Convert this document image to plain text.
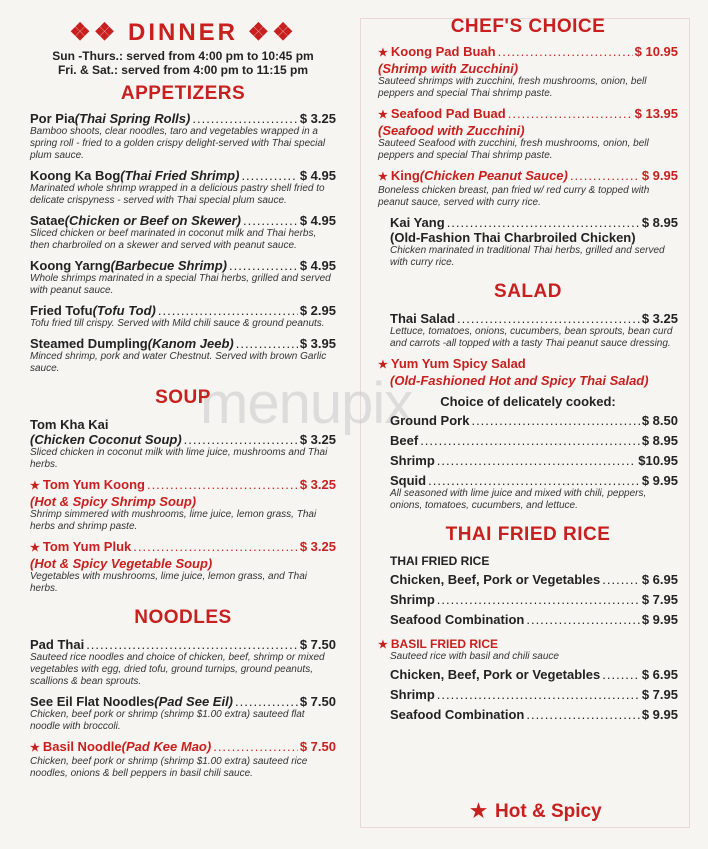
menupix
❖❖ DINNER ❖❖
Sun -Thurs.: served from 4:00 pm to 10:45 pm
Fri. & Sat.: served from 4:00 pm to 11:15 pm
APPETIZERS
Por Pia (Thai Spring Rolls) .....	$ 3.25
Bamboo shoots, clear noodles, taro and vegetables wrapped in a spring roll - fried to a golden crispy delight-served with Thai special plum sauce.
Koong Ka Bog (Thai Fried Shrimp) .....	$ 4.95
Marinated whole shrimp wrapped in a delicious pastry shell fried to delicate crispyness - served with Thai special plum sauce.
Satae (Chicken or Beef on Skewer) .....	$ 4.95
Sliced chicken or beef marinated in coconut milk and Thai herbs, then charbroiled on a skewer and served with peanut sauce.
Koong Yarng (Barbecue Shrimp) .....	$ 4.95
Whole shrimps marinated in a special Thai herbs, grilled and served with peanut sauce.
Fried Tofu (Tofu Tod) .....	$ 2.95
Tofu fried till crispy. Served with Mild chili sauce & ground peanuts.
Steamed Dumpling (Kanom Jeeb) .....	$ 3.95
Minced shrimp, pork and water Chestnut. Served with brown Garlic sauce.
SOUP
Tom Kha Kai
(Chicken Coconut Soup) .....	$ 3.25
Sliced chicken in coconut milk with lime juice, mushrooms and Thai herbs.
★ Tom Yum Koong .....	$ 3.25
(Hot & Spicy Shrimp Soup)
Shrimp simmered with mushrooms, lime juice, lemon grass, Thai herbs and shrimp paste.
★ Tom Yum Pluk .....	$ 3.25
(Hot & Spicy Vegetable Soup)
Vegetables with mushrooms, lime juice, lemon grass, and Thai herbs.
NOODLES
Pad Thai .....	$ 7.50
Sauteed rice noodles and choice of chicken, beef, shrimp or mixed vegetables with egg, dried tofu, ground turnips, ground peanuts, scallions & bean sprouts.
See Eil Flat Noodles (Pad See Eil) .....	$ 7.50
Chicken, beef pork or shrimp (shrimp $1.00 extra) sauteed flat noodle with broccoli.
★ Basil Noodle (Pad Kee Mao) .....	$ 7.50
Chicken, beef pork or shrimp (shrimp $1.00 extra) sauteed rice noodles, onions & bell peppers in basil chili sauce.
CHEF'S CHOICE
★ Koong Pad Buah .....	$ 10.95
(Shrimp with Zucchini)
Sauteed shrimps with zucchini, fresh mushrooms, onion, bell peppers and special Thai shrimp paste.
★ Seafood Pad Buad .....	$ 13.95
(Seafood with Zucchini)
Sauteed Seafood with zucchini, fresh mushrooms, onion, bell peppers and special Thai shrimp paste.
★ King (Chicken Peanut Sauce) .....	$ 9.95
Boneless chicken breast, pan fried w/ red curry & topped with peanut sauce, served with curry rice.
Kai Yang .....	$ 8.95
(Old-Fashion Thai Charbroiled Chicken)
Chicken marinated in traditional Thai herbs, grilled and served with curry rice.
SALAD
Thai Salad .....	$ 3.25
Lettuce, tomatoes, onions, cucumbers, bean sprouts, bean curd and carrots -all topped with a tasty Thai peanut sauce dressing.
★ Yum Yum Spicy Salad
(Old-Fashioned Hot and Spicy Thai Salad)
Choice of delicately cooked:
Ground Pork .....	$ 8.50
Beef .....	$ 8.95
Shrimp .....	$10.95
Squid .....	$ 9.95
All seasoned with lime juice and mixed with chili, peppers, onions, tomatoes, cucumbers, and lettuce.
THAI FRIED RICE
THAI FRIED RICE
Chicken, Beef, Pork or Vegetables .....	$ 6.95
Shrimp .....	$ 7.95
Seafood Combination .....	$ 9.95
★ BASIL FRIED RICE
Sauteed rice with basil and chili sauce
Chicken, Beef, Pork or Vegetables .....	$ 6.95
Shrimp .....	$ 7.95
Seafood Combination .....	$ 9.95
★ Hot & Spicy
